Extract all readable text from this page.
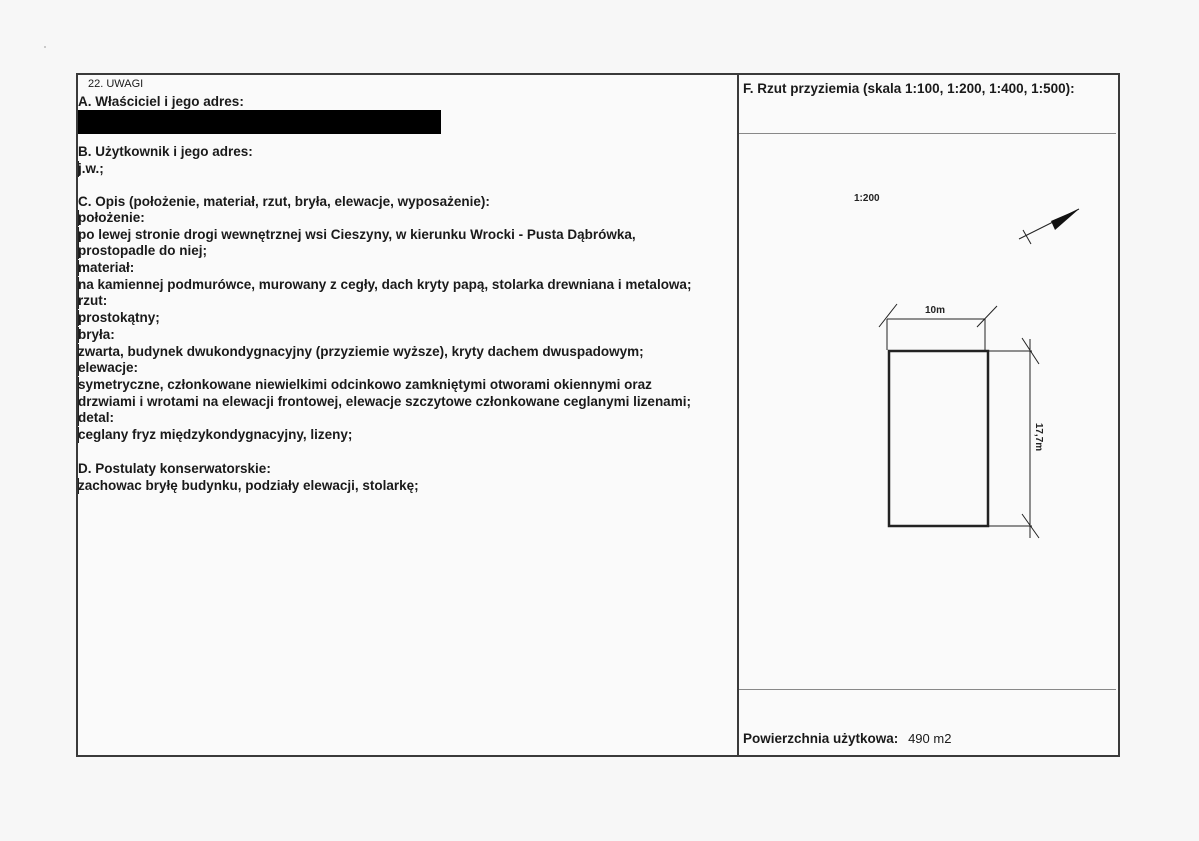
22. UWAGI
A. Właściciel i jego adres:
B. Użytkownik i jego adres:
j.w.;
C. Opis (położenie, materiał, rzut, bryła, elewacje, wyposażenie):
położenie:
po lewej stronie drogi wewnętrznej wsi Cieszyny, w kierunku Wrocki - Pusta Dąbrówka,
prostopadle do niej;
materiał:
na kamiennej podmurówce, murowany z cegły, dach kryty papą, stolarka drewniana i metalowa;
rzut:
prostokątny;
bryła:
zwarta, budynek dwukondygnacyjny (przyziemie wyższe), kryty dachem dwuspadowym;
elewacje:
symetryczne, członkowane niewielkimi odcinkowo zamkniętymi otworami okiennymi oraz
drzwiami i wrotami na elewacji frontowej, elewacje szczytowe członkowane ceglanymi lizenami;
detal:
ceglany fryz międzykondygnacyjny, lizeny;
D. Postulaty konserwatorskie:
zachowac bryłę budynku, podziały elewacji, stolarkę;
F. Rzut przyziemia (skala 1:100, 1:200, 1:400, 1:500):
1:200
10m
17,7m
Powierzchnia użytkowa: 490 m2
